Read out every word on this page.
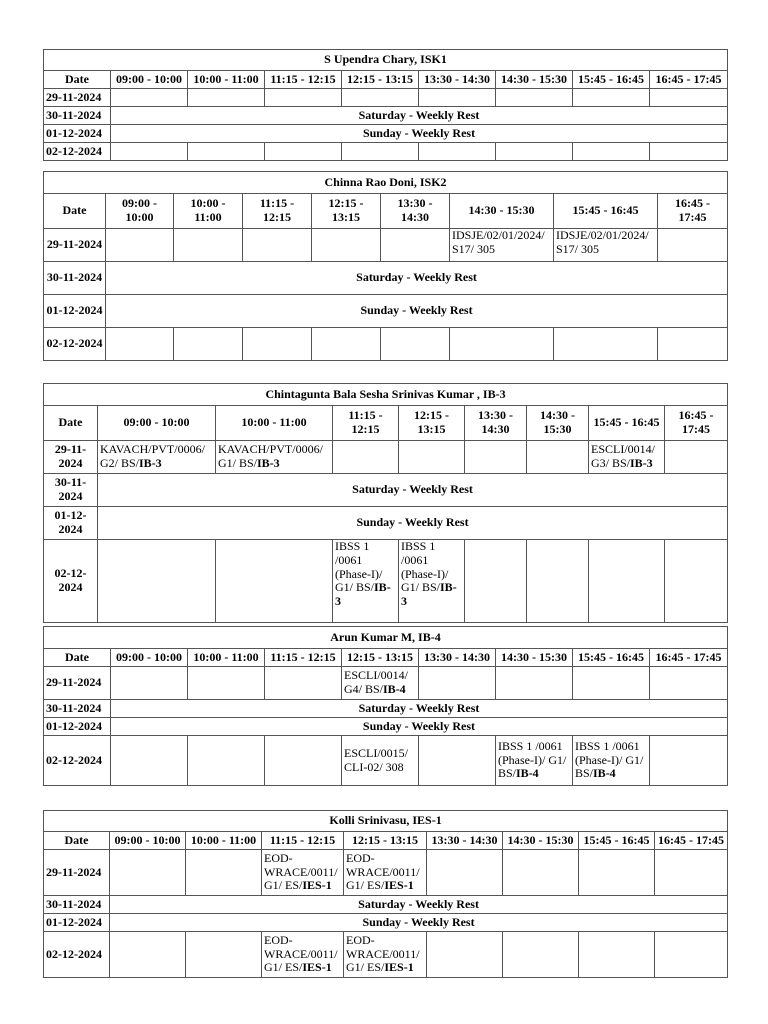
S Upendra Chary, ISK1								
Date	09:00 - 10:00	10:00 - 11:00	11:15 - 12:15	12:15 - 13:15	13:30 - 14:30	14:30 - 15:30	15:45 - 16:45	16:45 - 17:45
29-11-2024								
30-11-2024	Saturday - Weekly Rest							
01-12-2024	Sunday - Weekly Rest							
02-12-2024								
Chinna Rao Doni, ISK2								
Date	09:00 - 10:00	10:00 - 11:00	11:15 - 12:15	12:15 - 13:15	13:30 - 14:30	14:30 - 15:30	15:45 - 16:45	16:45 - 17:45
29-11-2024						IDSJE/02/01/2024/ S17/ 305	IDSJE/02/01/2024/ S17/ 305	
30-11-2024	Saturday - Weekly Rest							
01-12-2024	Sunday - Weekly Rest							
02-12-2024								
Chintagunta Bala Sesha Srinivas Kumar , IB-3								
Date	09:00 - 10:00	10:00 - 11:00	11:15 - 12:15	12:15 - 13:15	13:30 - 14:30	14:30 - 15:30	15:45 - 16:45	16:45 - 17:45
29-11-2024	KAVACH/PVT/0006/ G2/ BS/IB-3	KAVACH/PVT/0006/ G1/ BS/IB-3					ESCLI/0014/ G3/ BS/IB-3	
30-11-2024	Saturday - Weekly Rest							
01-12-2024	Sunday - Weekly Rest							
02-12-2024			IBSS 1 /0061 (Phase-I)/ G1/ BS/IB-3	IBSS 1 /0061 (Phase-I)/ G1/ BS/IB-3				
Arun Kumar M, IB-4								
Date	09:00 - 10:00	10:00 - 11:00	11:15 - 12:15	12:15 - 13:15	13:30 - 14:30	14:30 - 15:30	15:45 - 16:45	16:45 - 17:45
29-11-2024				ESCLI/0014/ G4/ BS/IB-4				
30-11-2024	Saturday - Weekly Rest							
01-12-2024	Sunday - Weekly Rest							
02-12-2024				ESCLI/0015/ CLI-02/ 308		IBSS 1 /0061 (Phase-I)/ G1/ BS/IB-4	IBSS 1 /0061 (Phase-I)/ G1/ BS/IB-4	
Kolli Srinivasu, IES-1								
Date	09:00 - 10:00	10:00 - 11:00	11:15 - 12:15	12:15 - 13:15	13:30 - 14:30	14:30 - 15:30	15:45 - 16:45	16:45 - 17:45
29-11-2024			EOD- WRACE/0011/ G1/ ES/IES-1	EOD- WRACE/0011/ G1/ ES/IES-1				
30-11-2024	Saturday - Weekly Rest							
01-12-2024	Sunday - Weekly Rest							
02-12-2024			EOD- WRACE/0011/ G1/ ES/IES-1	EOD- WRACE/0011/ G1/ ES/IES-1				
